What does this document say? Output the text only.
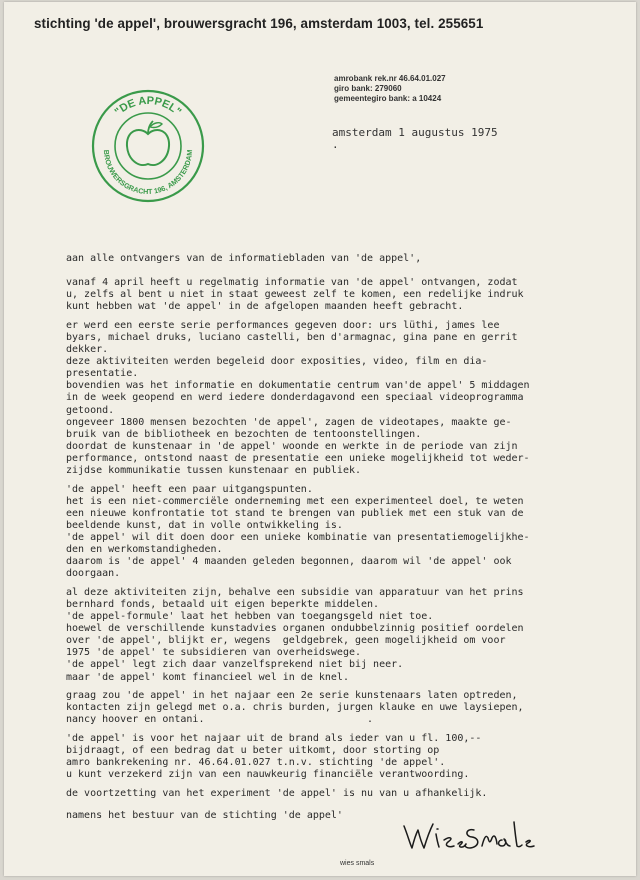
stichting 'de appel', brouwersgracht 196, amsterdam 1003, tel. 255651
"DE APPEL"
BROUWERSGRACHT 196, AMSTERDAM
amrobank rek.nr 46.64.01.027
giro bank: 279060
gemeentegiro bank: a 10424
amsterdam 1 augustus 1975
.

aan alle ontvangers van de informatiebladen van 'de appel',

vanaf 4 april heeft u regelmatig informatie van 'de appel' ontvangen, zodat
u, zelfs al bent u niet in staat geweest zelf te komen, een redelijke indruk
kunt hebben wat 'de appel' in de afgelopen maanden heeft gebracht.

er werd een eerste serie performances gegeven door: urs lüthi, james lee
byars, michael druks, luciano castelli, ben d'armagnac, gina pane en gerrit
dekker.
deze aktiviteiten werden begeleid door exposities, video, film en dia-
presentatie.
bovendien was het informatie en dokumentatie centrum van'de appel' 5 middagen
in de week geopend en werd iedere donderdagavond een speciaal videoprogramma
getoond.
ongeveer 1800 mensen bezochten 'de appel', zagen de videotapes, maakte ge-
bruik van de bibliotheek en bezochten de tentoonstellingen.
doordat de kunstenaar in 'de appel' woonde en werkte in de periode van zijn
performance, ontstond naast de presentatie een unieke mogelijkheid tot weder-
zijdse kommunikatie tussen kunstenaar en publiek.

'de appel' heeft een paar uitgangspunten.
het is een niet-commerciële onderneming met een experimenteel doel, te weten
een nieuwe konfrontatie tot stand te brengen van publiek met een stuk van de
beeldende kunst, dat in volle ontwikkeling is.
'de appel' wil dit doen door een unieke kombinatie van presentatiemogelijkhe-
den en werkomstandigheden.
daarom is 'de appel' 4 maanden geleden begonnen, daarom wil 'de appel' ook
doorgaan.

al deze aktiviteiten zijn, behalve een subsidie van apparatuur van het prins
bernhard fonds, betaald uit eigen beperkte middelen.
'de appel-formule' laat het hebben van toegangsgeld niet toe.
hoewel de verschillende kunstadvies organen ondubbelzinnig positief oordelen
over 'de appel', blijkt er, wegens  geldgebrek, geen mogelijkheid om voor
1975 'de appel' te subsidieren van overheidswege.
'de appel' legt zich daar vanzelfsprekend niet bij neer.
maar 'de appel' komt financieel wel in de knel.

graag zou 'de appel' in het najaar een 2e serie kunstenaars laten optreden,
kontacten zijn gelegd met o.a. chris burden, jurgen klauke en uwe laysiepen,
nancy hoover en ontani.                           .

'de appel' is voor het najaar uit de brand als ieder van u fl. 100,--
bijdraagt, of een bedrag dat u beter uitkomt, door storting op
amro bankrekening nr. 46.64.01.027 t.n.v. stichting 'de appel'.
u kunt verzekerd zijn van een nauwkeurig financiële verantwoording.

de voortzetting van het experiment 'de appel' is nu van u afhankelijk.

namens het bestuur van de stichting 'de appel'

wies smals
